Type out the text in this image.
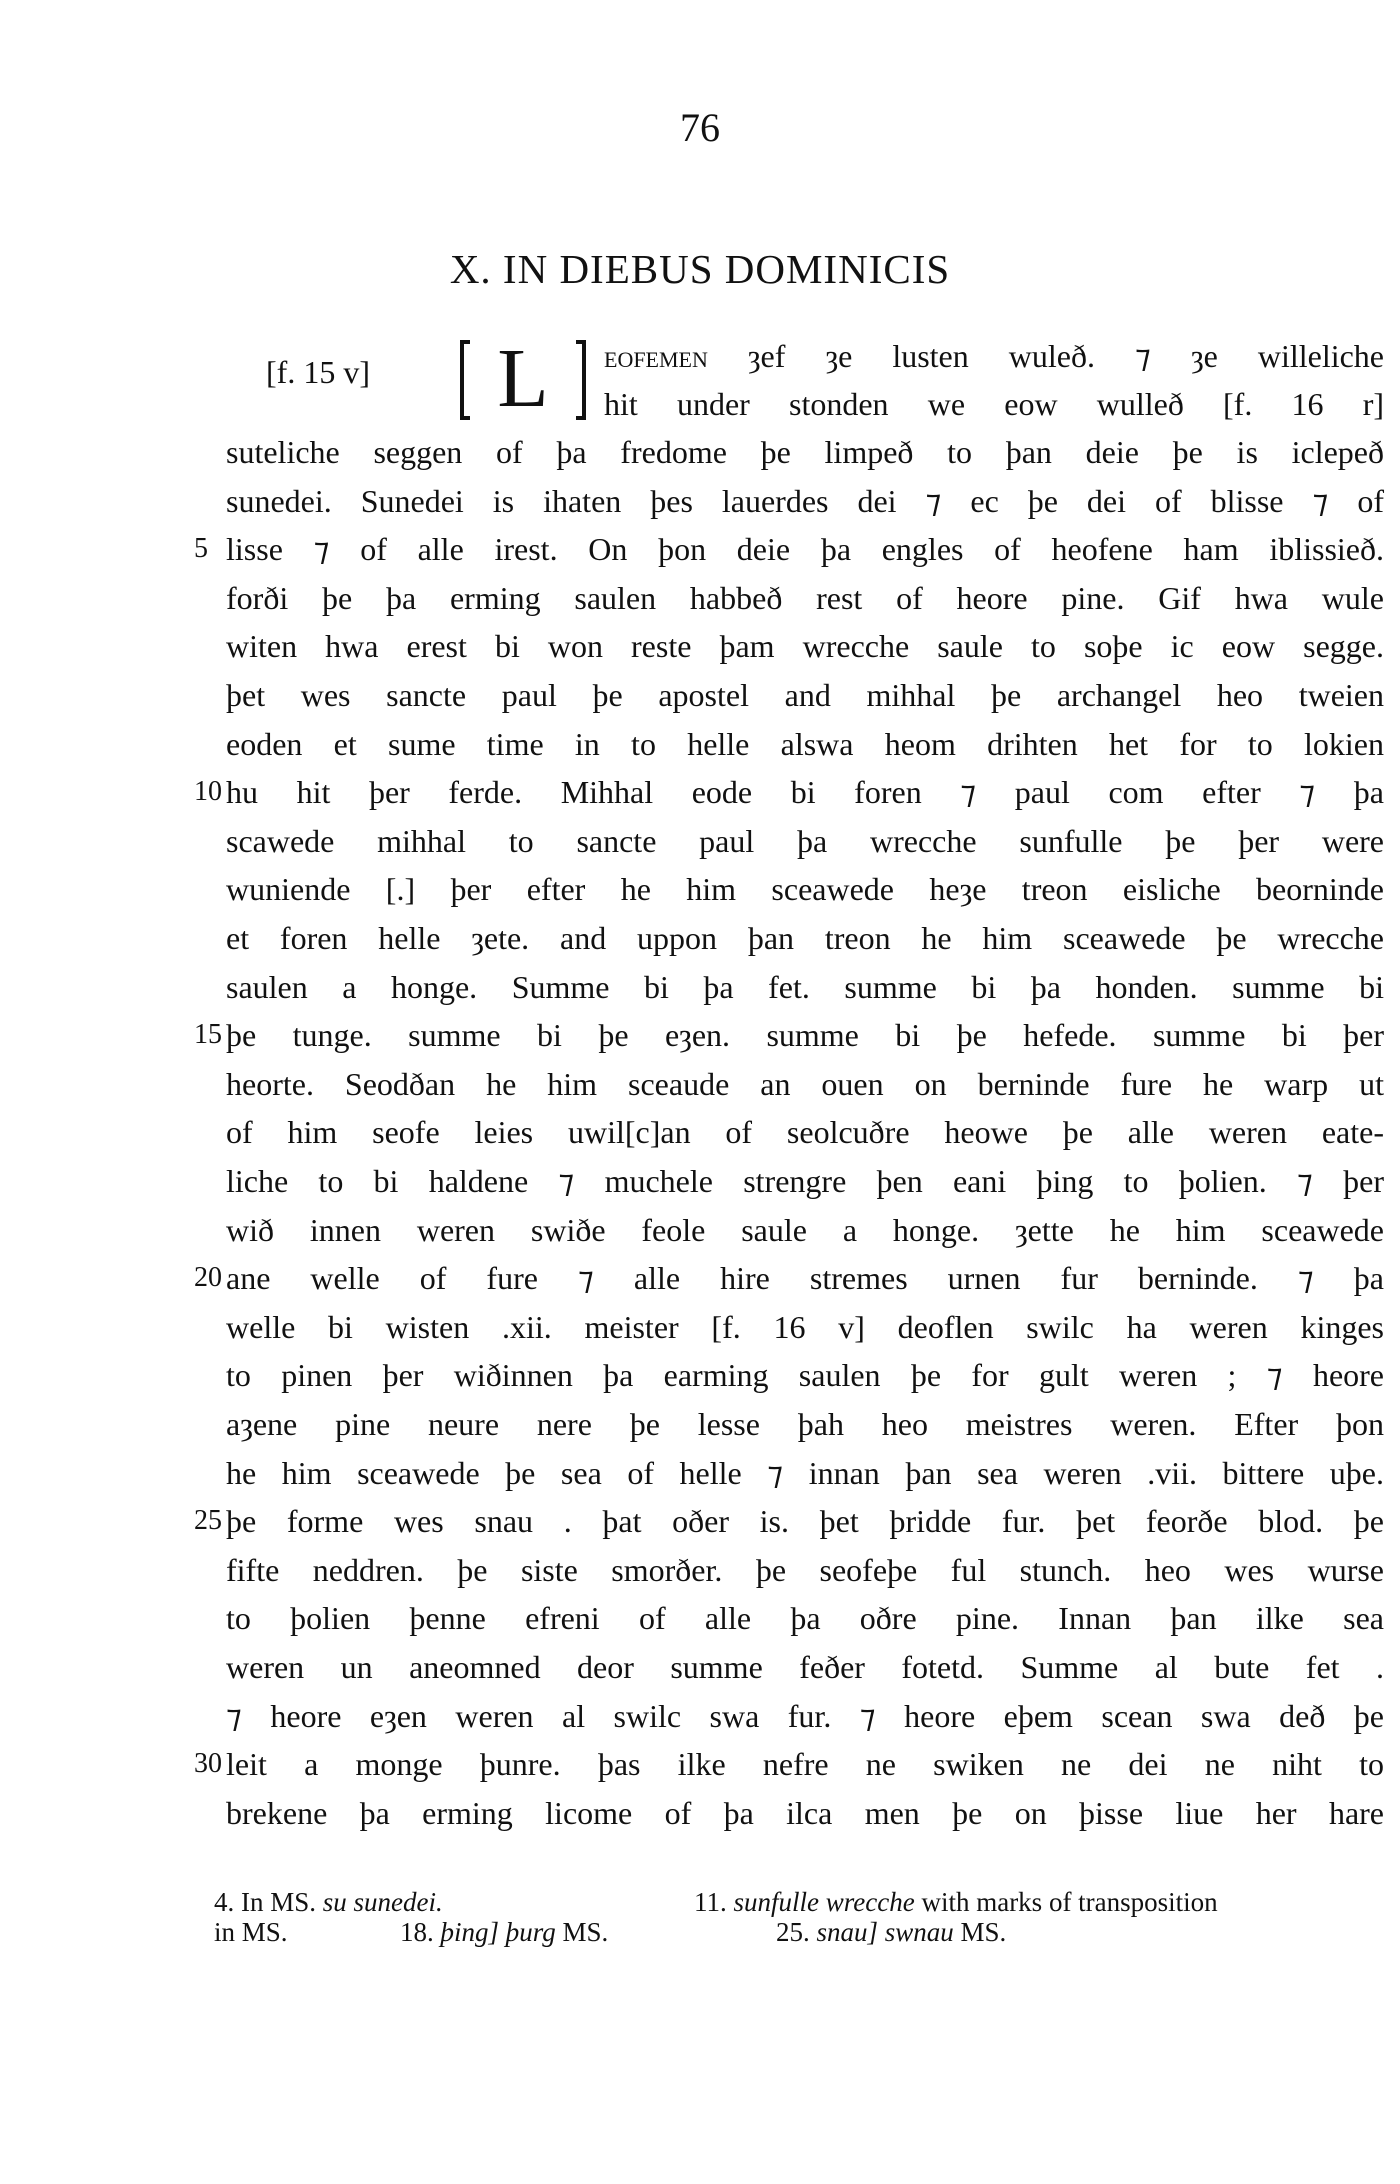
76
X. IN DIEBUS DOMINICIS
[f. 15 v] L	eofemen ȝef ȝe lusten wuleð. ⁊ ȝe willeliche
hit under stonden we eow wulleð [f. 16 r]
suteliche seggen of þa fredome þe limpeð to þan deie þe is iclepeð
sunedei. Sunedei is ihaten þes lauerdes dei ⁊ ec þe dei of blisse ⁊ of
5 lisse ⁊ of alle irest. On þon deie þa engles of heofene ham iblissieð.
forði þe þa erming saulen habbeð rest of heore pine. Gif hwa wule
witen hwa erest bi won reste þam wrecche saule to soþe ic eow segge.
þet wes sancte paul þe apostel and mihhal þe archangel heo tweien
eoden et sume time in to helle alswa heom drihten het for to lokien
10 hu hit þer ferde. Mihhal eode bi foren ⁊ paul com efter ⁊ þa
scawede mihhal to sancte paul þa wrecche sunfulle þe þer were
wuniende [.] þer efter he him sceawede heȝe treon eisliche beorninde
et foren helle ȝete. and uppon þan treon he him sceawede þe wrecche
saulen a honge. Summe bi þa fet. summe bi þa honden. summe bi
15 þe tunge. summe bi þe eȝen. summe bi þe hefede. summe bi þer
heorte. Seodðan he him sceaude an ouen on berninde fure he warp ut
of him seofe leies uwil[c]an of seolcuðre heowe þe alle weren eate-
liche to bi haldene ⁊ muchele strengre þen eani þing to þolien. ⁊ þer
wið innen weren swiðe feole saule a honge. ȝette he him sceawede
20 ane welle of fure ⁊ alle hire stremes urnen fur berninde. ⁊ þa
welle bi wisten .xii. meister [f. 16 v] deoflen swilc ha weren kinges
to pinen þer wiðinnen þa earming saulen þe for gult weren ; ⁊ heore
aȝene pine neure nere þe lesse þah heo meistres weren. Efter þon
he him sceawede þe sea of helle ⁊ innan þan sea weren .vii. bittere uþe.
25 þe forme wes snau . þat oðer is. þet þridde fur. þet feorðe blod. þe
fifte neddren. þe siste smorðer. þe seofeþe ful stunch. heo wes wurse
to þolien þenne efreni of alle þa oðre pine. Innan þan ilke sea
weren un aneomned deor summe feðer fotetd. Summe al bute fet .
⁊ heore eȝen weren al swilc swa fur. ⁊ heore eþem scean swa deð þe
30 leit a monge þunre. þas ilke nefre ne swiken ne dei ne niht to
brekene þa erming licome of þa ilca men þe on þisse liue her hare
4. In MS. su sunedei.	11. sunfulle wrecche with marks of transposition
in MS.	18. þing] þurg MS.	25. snau] swnau MS.
